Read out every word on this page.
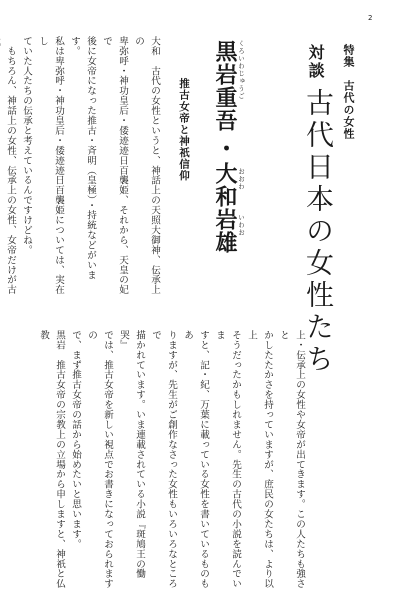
2
特集　古代の女性
対談
古代日本の女性たち
くろいわじゅうご
黒岩重吾
・
大和岩雄 おおわ
いわお
推古女帝と神祇信仰
大和　古代の女性というと、神話上の天照大御神、伝承上の
卑弥呼・神功皇后・倭迹迹日百襲姫、それから、天皇の妃で
後に女帝になった推古・斉明（皇極）・持統などがいます。
私は卑弥呼・神功皇后・倭迹迹日百襲姫については、実在し
ていた人たちの伝承と考えているんですけどね。
　もちろん、神話上の女性、伝承上の女性、女帝だけが古
上・伝承上の女性や女帝が出てきます。この人たちも強さと
かしたたかさを持っていますが、庶民の女たちは、より以上
そうだったかもしれません。先生の古代の小説を読んでいま
すと、記・紀、万葉に載っている女性を書いているものもあ
りますが、先生がご創作なさった女性もいろいろなところで
描かれています。いま連載されている小説『斑鳩王の慟哭』
では、推古女帝を新しい視点でお書きになっておられますの
で、まず推古女帝の話から始めたいと思います。
黒岩　推古女帝の宗教上の立場から申しますと、神祇と仏教
